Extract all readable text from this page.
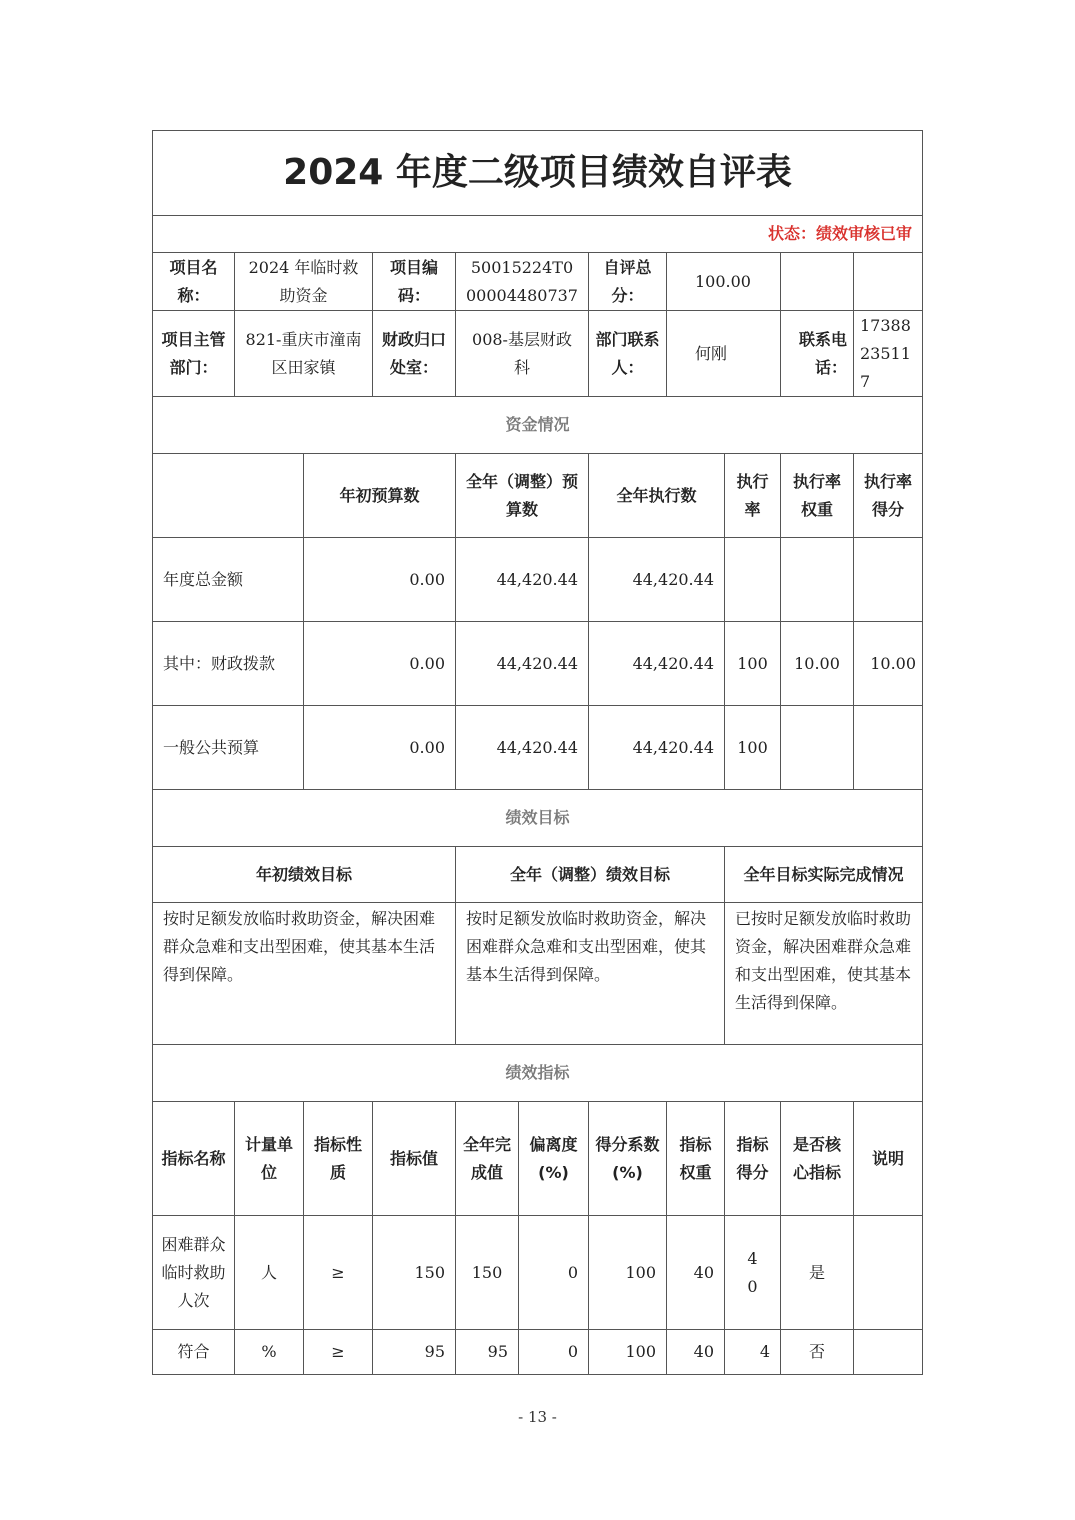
2024 年度二级项目绩效自评表										
状态：绩效审核已审										
项目名称：	2024 年临时救助资金		项目编码：	50015224T000004480737		自评总分：	100.00			
项目主管部门：	821-重庆市潼南区田家镇		财政归口处室：	008-基层财政科		部门联系人：	何刚		联系电话：	17388235117
资金情况										
		年初预算数		全年（调整）预算数		全年执行数		执行率	执行率权重	执行率得分
年度总金额		0.00		44,420.44		44,420.44				
其中：财政拨款		0.00		44,420.44		44,420.44		100	10.00	10.00
一般公共预算		0.00		44,420.44		44,420.44		100		
绩效目标										
年初绩效目标				全年（调整）绩效目标				全年目标实际完成情况		
按时足额发放临时救助资金，解决困难群众急难和支出型困难，使其基本生活得到保障。				按时足额发放临时救助资金，解决困难群众急难和支出型困难，使其基本生活得到保障。				已按时足额发放临时救助资金，解决困难群众急难和支出型困难，使其基本生活得到保障。		
绩效指标										
指标名称	计量单位	指标性质	指标值	全年完成值	偏离度(%)	得分系数(%)	指标权重	指标得分	是否核心指标	说明
困难群众临时救助人次	人	≥	150	150	0	100	40	40	是	
符合	%	≥	95	95	0	100	40	4	否	
- 13 -
